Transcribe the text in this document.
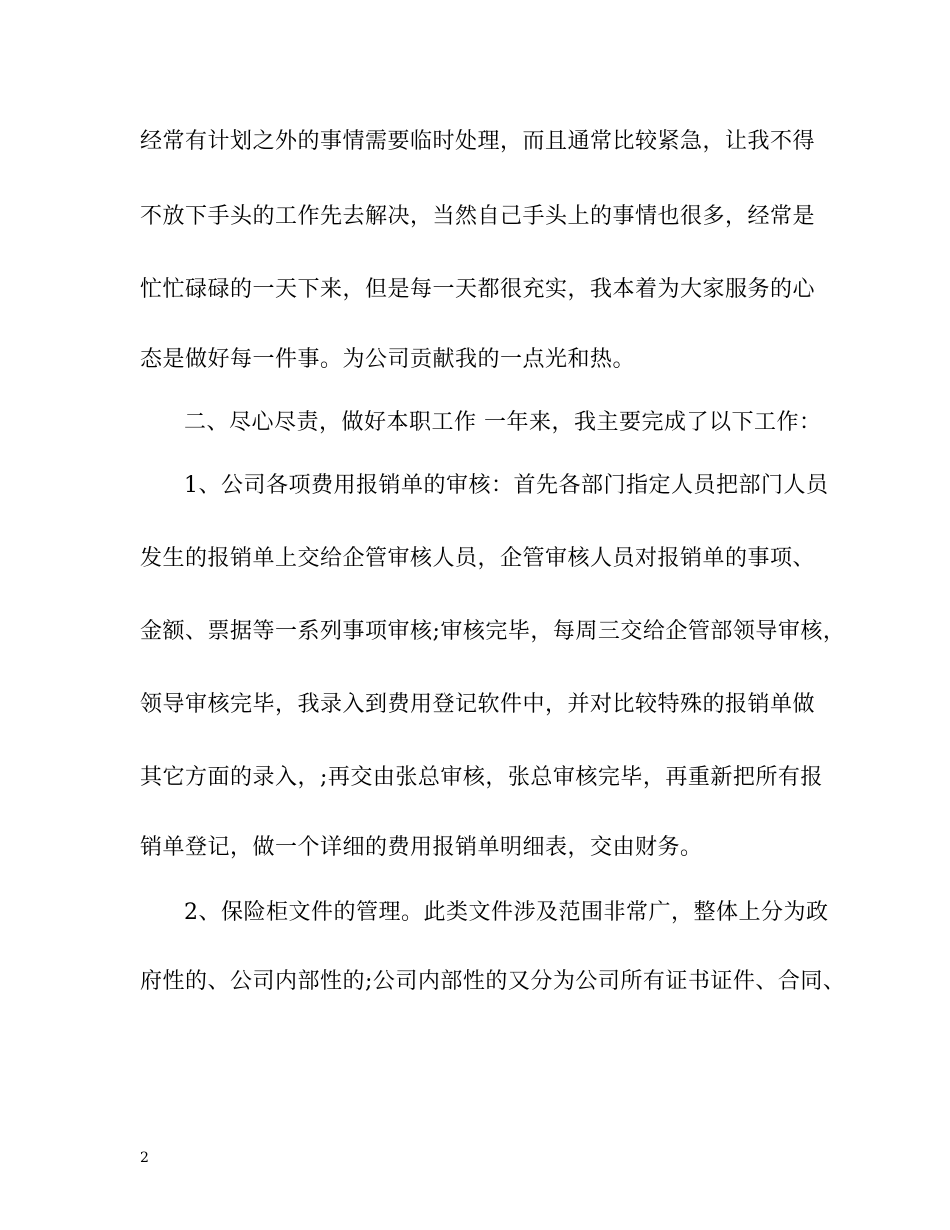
经常有计划之外的事情需要临时处理，而且通常比较紧急，让我不得
不放下手头的工作先去解决，当然自己手头上的事情也很多，经常是
忙忙碌碌的一天下来，但是每一天都很充实，我本着为大家服务的心
态是做好每一件事。为公司贡献我的一点光和热。
二、尽心尽责，做好本职工作 一年来，我主要完成了以下工作：
1、公司各项费用报销单的审核：首先各部门指定人员把部门人员
发生的报销单上交给企管审核人员，企管审核人员对报销单的事项、
金额、票据等一系列事项审核;审核完毕，每周三交给企管部领导审核，
领导审核完毕，我录入到费用登记软件中，并对比较特殊的报销单做
其它方面的录入，;再交由张总审核，张总审核完毕，再重新把所有报
销单登记，做一个详细的费用报销单明细表，交由财务。
2、保险柜文件的管理。此类文件涉及范围非常广，整体上分为政
府性的、公司内部性的;公司内部性的又分为公司所有证书证件、合同、
2
